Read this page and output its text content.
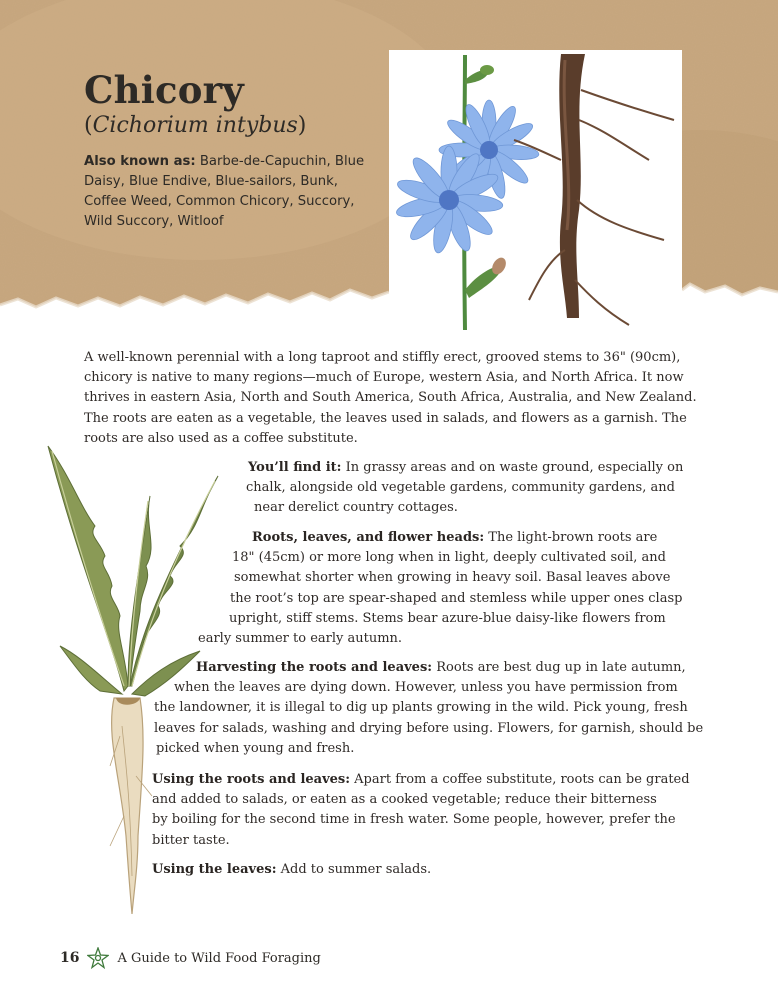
Chicory
(Cichorium intybus)
Also known as: Barbe-de-Capuchin, Blue Daisy, Blue Endive, Blue-sailors, Bunk, Coffee Weed, Common Chicory, Succory, Wild Succory, Witloof
A well-known perennial with a long taproot and stiffly erect, grooved stems to 36" (90cm),
chicory is native to many regions—much of Europe, western Asia, and North Africa. It now
thrives in eastern Asia, North and South America, South Africa, Australia, and New Zealand.
The roots are eaten as a vegetable, the leaves used in salads, and flowers as a garnish. The
roots are also used as a coffee substitute.
You’ll find it: In grassy areas and on waste ground, especially on
chalk, alongside old vegetable gardens, community gardens, and
near derelict country cottages.
Roots, leaves, and flower heads: The light-brown roots are
18" (45cm) or more long when in light, deeply cultivated soil, and
somewhat shorter when growing in heavy soil. Basal leaves above
the root’s top are spear-shaped and stemless while upper ones clasp
upright, stiff stems. Stems bear azure-blue daisy-like flowers from
early summer to early autumn.
Harvesting the roots and leaves: Roots are best dug up in late autumn,
when the leaves are dying down. However, unless you have permission from
the landowner, it is illegal to dig up plants growing in the wild. Pick young, fresh
leaves for salads, washing and drying before using. Flowers, for garnish, should be
picked when young and fresh.
Using the roots and leaves: Apart from a coffee substitute, roots can be grated
and added to salads, or eaten as a cooked vegetable; reduce their bitterness
by boiling for the second time in fresh water. Some people, however, prefer the
bitter taste.
Using the leaves: Add to summer salads.
16	A Guide to Wild Food Foraging
